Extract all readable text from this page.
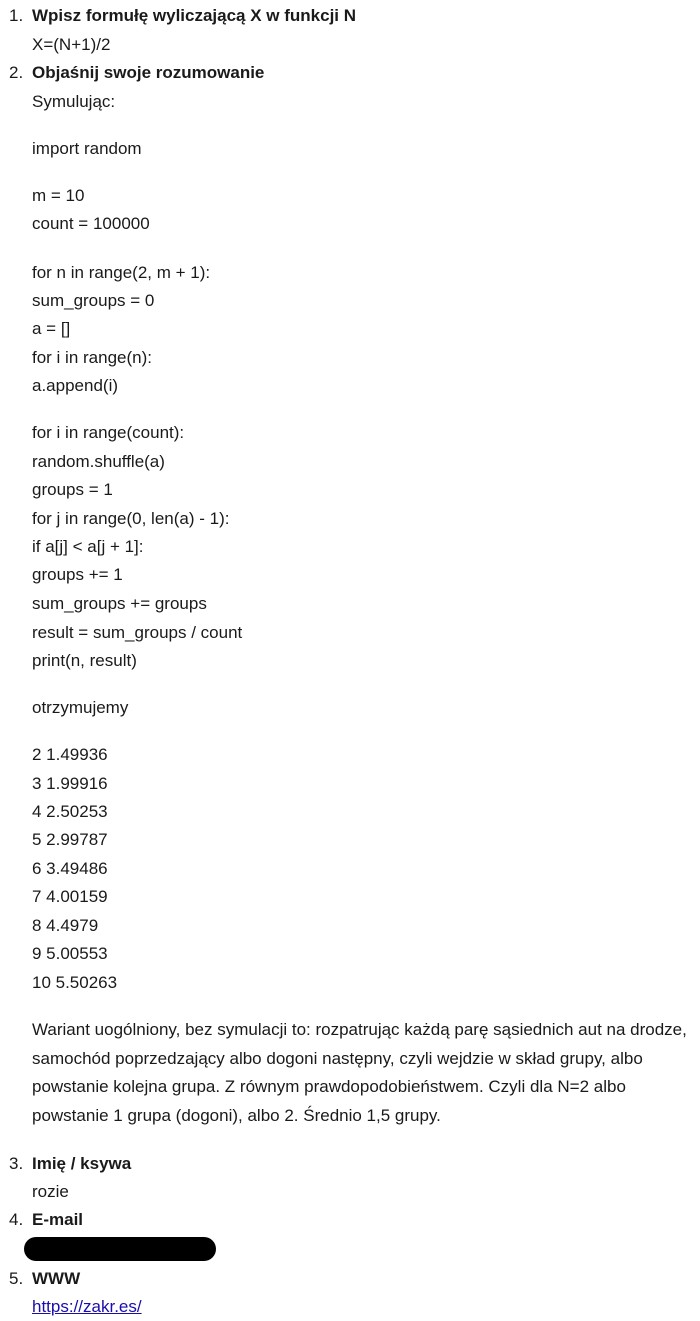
1. Wpisz formułę wyliczającą X w funkcji N
X=(N+1)/2
2. Objaśnij swoje rozumowanie
Symulując:
import random
m = 10
count = 100000
for n in range(2, m + 1):
sum_groups = 0
a = []
for i in range(n):
a.append(i)
for i in range(count):
random.shuffle(a)
groups = 1
for j in range(0, len(a) - 1):
if a[j] < a[j + 1]:
groups += 1
sum_groups += groups
result = sum_groups / count
print(n, result)
otrzymujemy
2 1.49936
3 1.99916
4 2.50253
5 2.99787
6 3.49486
7 4.00159
8 4.4979
9 5.00553
10 5.50263
Wariant uogólniony, bez symulacji to: rozpatrując każdą parę sąsiednich aut na drodze, samochód poprzedzający albo dogoni następny, czyli wejdzie w skład grupy, albo powstanie kolejna grupa. Z równym prawdopodobieństwem. Czyli dla N=2 albo powstanie 1 grupa (dogoni), albo 2. Średnio 1,5 grupy.
3. Imię / ksywa
rozie
4. E-mail
5. WWW
https://zakr.es/
